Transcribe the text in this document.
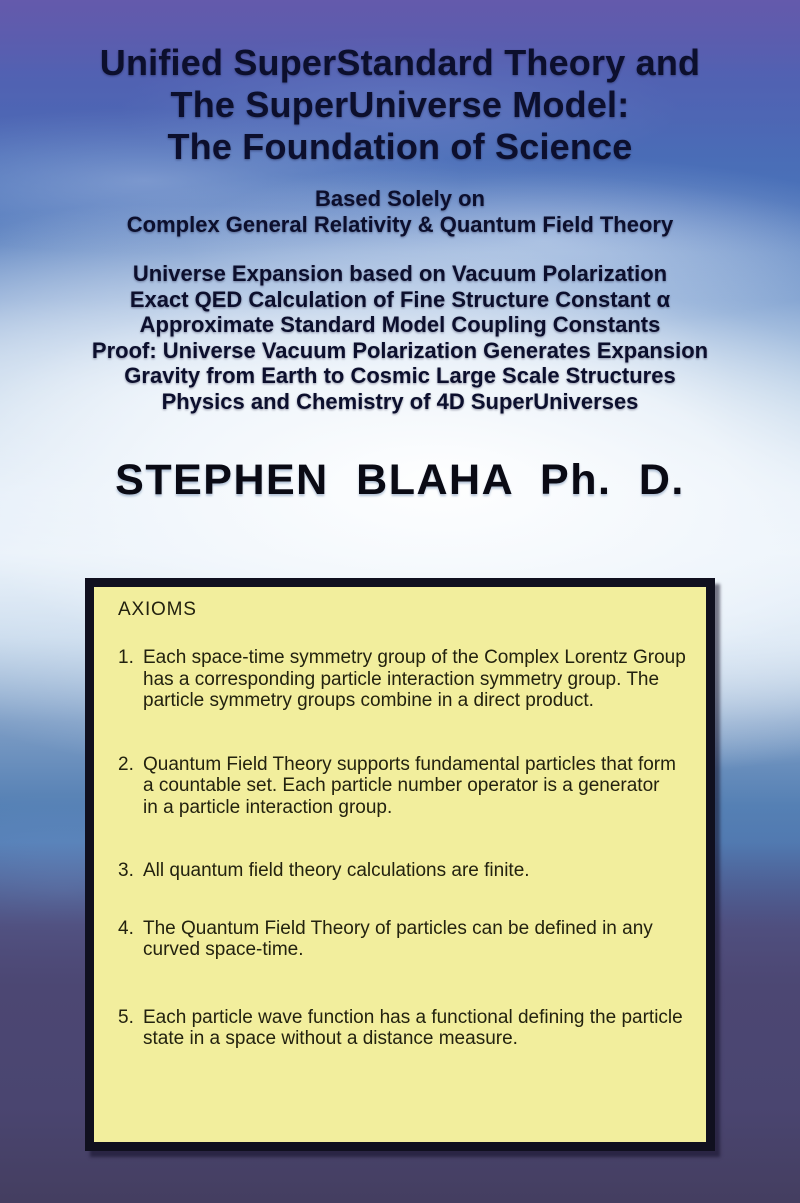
Unified SuperStandard Theory and
The SuperUniverse Model:
The Foundation of Science
Based Solely on
Complex General Relativity & Quantum Field Theory
Universe Expansion based on Vacuum Polarization
Exact QED Calculation of Fine Structure Constant α
Approximate Standard Model Coupling Constants
Proof: Universe Vacuum Polarization Generates Expansion
Gravity from Earth to Cosmic Large Scale Structures
Physics and Chemistry of 4D SuperUniverses
STEPHEN BLAHA Ph. D.
AXIOMS
1. Each space-time symmetry group of the Complex Lorentz Group
has a corresponding particle interaction symmetry group. The
particle symmetry groups combine in a direct product.
2. Quantum Field Theory supports fundamental particles that form
a countable set. Each particle number operator is a generator
in a particle interaction group.
3. All quantum field theory calculations are finite.
4. The Quantum Field Theory of particles can be defined in any
curved space-time.
5. Each particle wave function has a functional defining the particle
state in a space without a distance measure.
